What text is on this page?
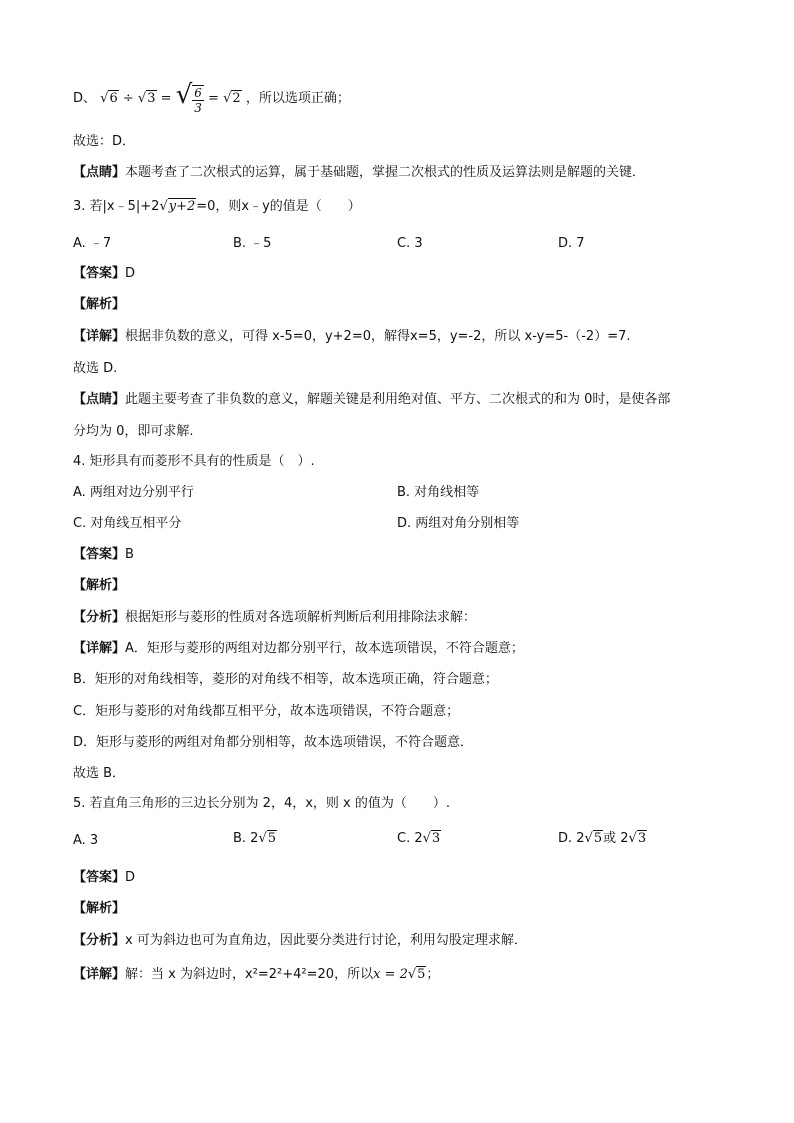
D、 √6 ÷ √3 = √ $\frac{6}{3} = √2$ ，所以选项正确；
故选：D．
【点睛】本题考查了二次根式的运算，属于基础题，掌握二次根式的性质及运算法则是解题的关键．
3. 若|x﹣5|+2√y+2=0，则x﹣y的值是（　　）
A. ﹣7	B. ﹣5	C. 3	D. 7
【答案】D
【解析】
【详解】根据非负数的意义，可得 x-5=0，y+2=0，解得x=5，y=-2，所以 x-y=5-（-2）=7.
故选 D.
【点睛】此题主要考查了非负数的意义，解题关键是利用绝对值、平方、二次根式的和为 0时，是使各部
分均为 0，即可求解.
4. 矩形具有而菱形不具有的性质是（　）.
A. 两组对边分别平行	B. 对角线相等
C. 对角线互相平分	D. 两组对角分别相等
【答案】B
【解析】
【分析】根据矩形与菱形的性质对各选项解析判断后利用排除法求解：
【详解】A．矩形与菱形的两组对边都分别平行，故本选项错误，不符合题意；
B．矩形的对角线相等，菱形的对角线不相等，故本选项正确，符合题意；
C．矩形与菱形的对角线都互相平分，故本选项错误，不符合题意；
D．矩形与菱形的两组对角都分别相等，故本选项错误，不符合题意．
故选 B．
5. 若直角三角形的三边长分别为 2，4，x，则 x 的值为（　　）.
A. 3	B. 2√5	C. 2√3	D. 2√5或 2√3
【答案】D
【解析】
【分析】x 可为斜边也可为直角边，因此要分类进行讨论，利用勾股定理求解．
【详解】解：当 x 为斜边时，x²=2²+4²=20，所以x = 2√5；
